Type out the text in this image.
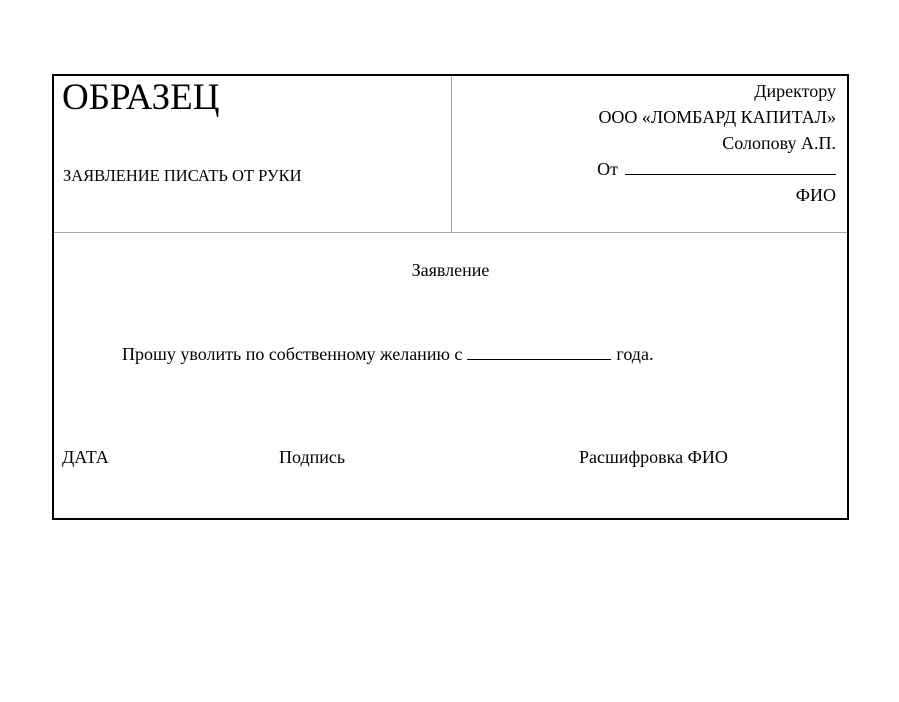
ОБРАЗЕЦ
ЗАЯВЛЕНИЕ ПИСАТЬ ОТ РУКИ
Директору
ООО «ЛОМБАРД КАПИТАЛ»
Солопову А.П.
От
ФИО
Заявление
Прошу уволить по собственному желанию с	года.
ДАТА	Подпись	Расшифровка ФИО
